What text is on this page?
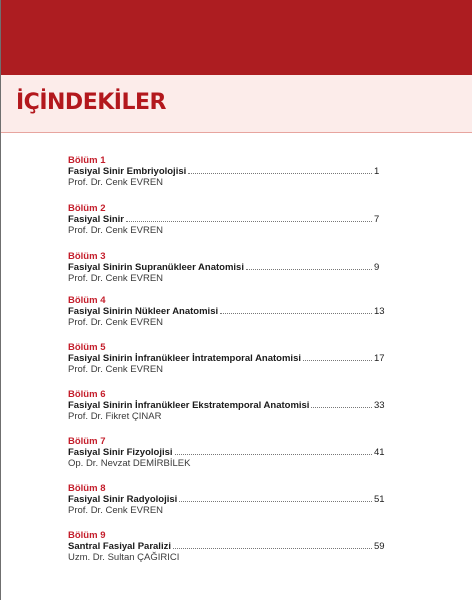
İÇİNDEKİLER
Bölüm 1
Fasiyal Sinir Embriyolojisi	1
Prof. Dr. Cenk EVREN
Bölüm 2
Fasiyal Sinir	7
Prof. Dr. Cenk EVREN
Bölüm 3
Fasiyal Sinirin Supranükleer Anatomisi	9
Prof. Dr. Cenk EVREN
Bölüm 4
Fasiyal Sinirin Nükleer Anatomisi	13
Prof. Dr. Cenk EVREN
Bölüm 5
Fasiyal Sinirin İnfranükleer İntratemporal Anatomisi	17
Prof. Dr. Cenk EVREN
Bölüm 6
Fasiyal Sinirin İnfranükleer Ekstratemporal Anatomisi	33
Prof. Dr. Fikret ÇINAR
Bölüm 7
Fasiyal Sinir Fizyolojisi	41
Op. Dr. Nevzat DEMİRBİLEK
Bölüm 8
Fasiyal Sinir Radyolojisi	51
Prof. Dr. Cenk EVREN
Bölüm 9
Santral Fasiyal Paralizi	59
Uzm. Dr. Sultan ÇAĞIRICI
